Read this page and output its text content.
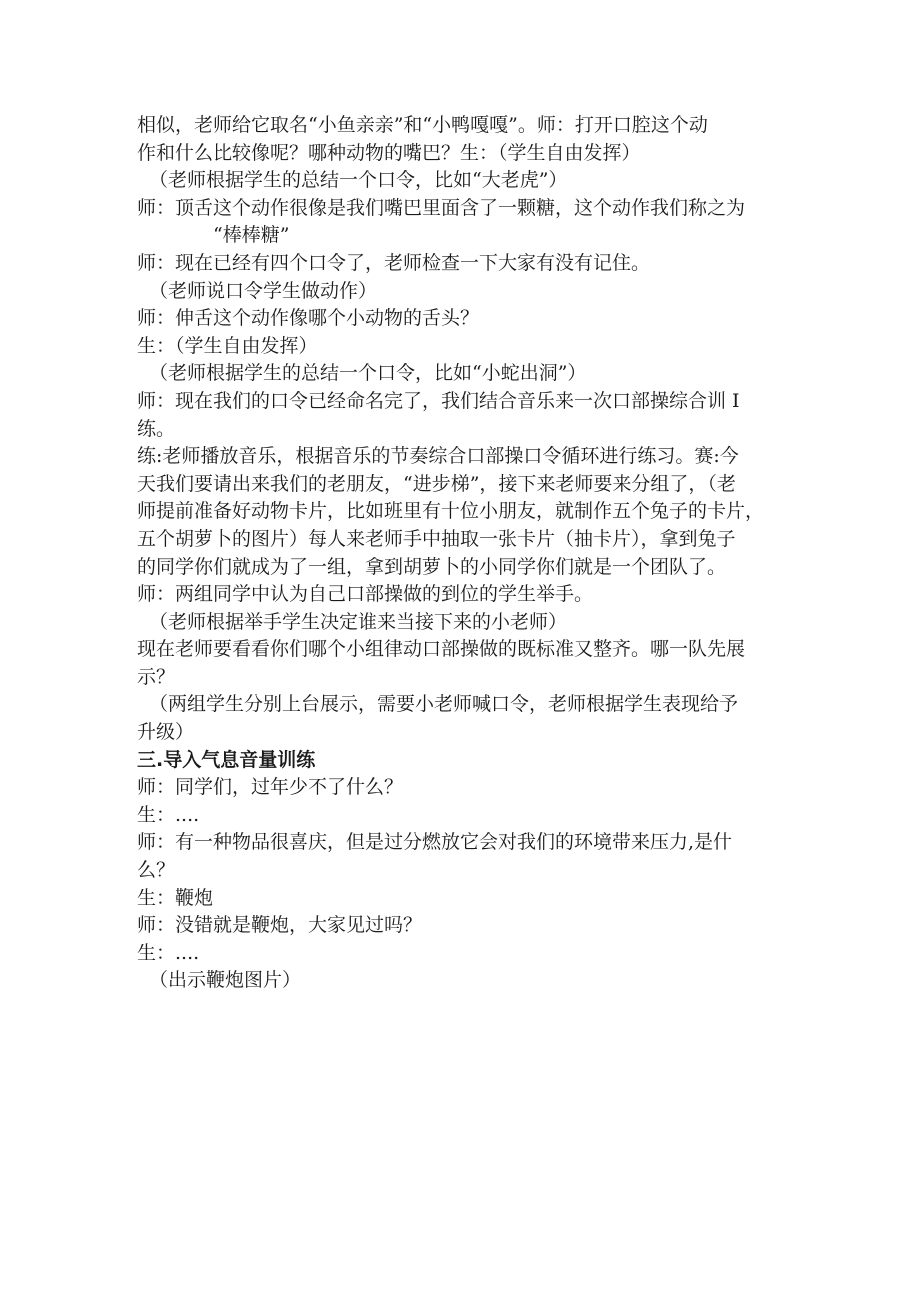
相似，老师给它取名“小鱼亲亲”和“小鸭嘎嘎”。师：打开口腔这个动

作和什么比较像呢？哪种动物的嘴巴？生：（学生自由发挥）

（老师根据学生的总结一个口令，比如“大老虎”）

师：顶舌这个动作很像是我们嘴巴里面含了一颗糖，这个动作我们称之为

“棒棒糖”

师：现在已经有四个口令了，老师检查一下大家有没有记住。

（老师说口令学生做动作）

师：伸舌这个动作像哪个小动物的舌头？

生：（学生自由发挥）

（老师根据学生的总结一个口令，比如“小蛇出洞”）

师：现在我们的口令已经命名完了，我们结合音乐来一次口部操综合训 I

练。

练:老师播放音乐，根据音乐的节奏综合口部操口令循环进行练习。赛:今

天我们要请出来我们的老朋友，“进步梯”，接下来老师要来分组了，（老

师提前准备好动物卡片，比如班里有十位小朋友，就制作五个兔子的卡片，

五个胡萝卜的图片）每人来老师手中抽取一张卡片（抽卡片），拿到兔子

的同学你们就成为了一组，拿到胡萝卜的小同学你们就是一个团队了。

师：两组同学中认为自己口部操做的到位的学生举手。

（老师根据举手学生决定谁来当接下来的小老师）

现在老师要看看你们哪个小组律动口部操做的既标准又整齐。哪一队先展

示？

（两组学生分别上台展示，需要小老师喊口令，老师根据学生表现给予

升级）

三.导入气息音量训练

师：同学们，过年少不了什么？

生：....

师：有一种物品很喜庆，但是过分燃放它会对我们的环境带来压力,是什

么？

生：鞭炮

师：没错就是鞭炮，大家见过吗？

生：....

（出示鞭炮图片）
